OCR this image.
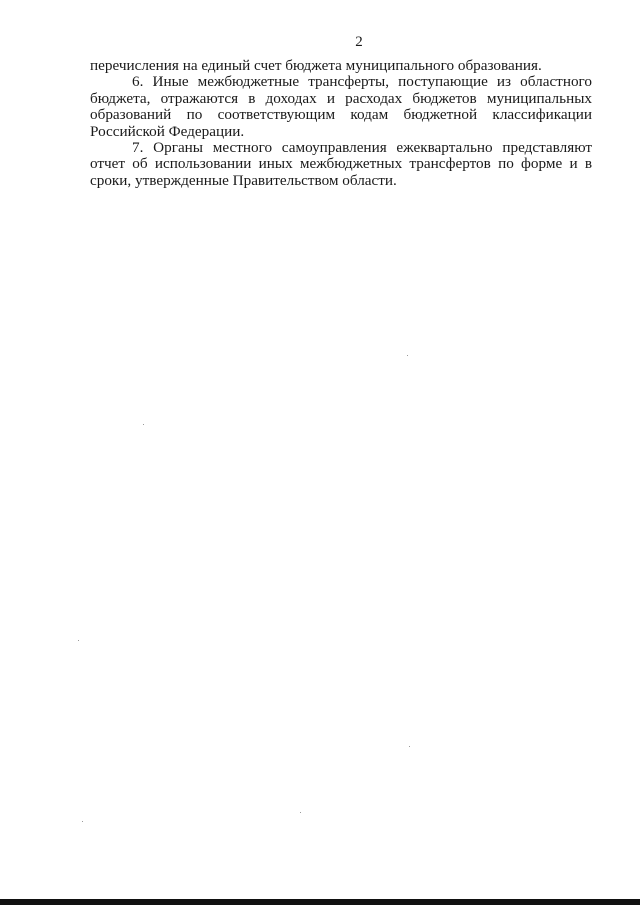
2

перечисления на единый счет бюджета муниципального образования.

6. Иные межбюджетные трансферты, поступающие из областного бюджета, отражаются в доходах и расходах бюджетов муниципальных образований по соответствующим кодам бюджетной классификации Российской Федерации.

7. Органы местного самоуправления ежеквартально представляют отчет об использовании иных межбюджетных трансфертов по форме и в сроки, утвержденные Правительством области.
